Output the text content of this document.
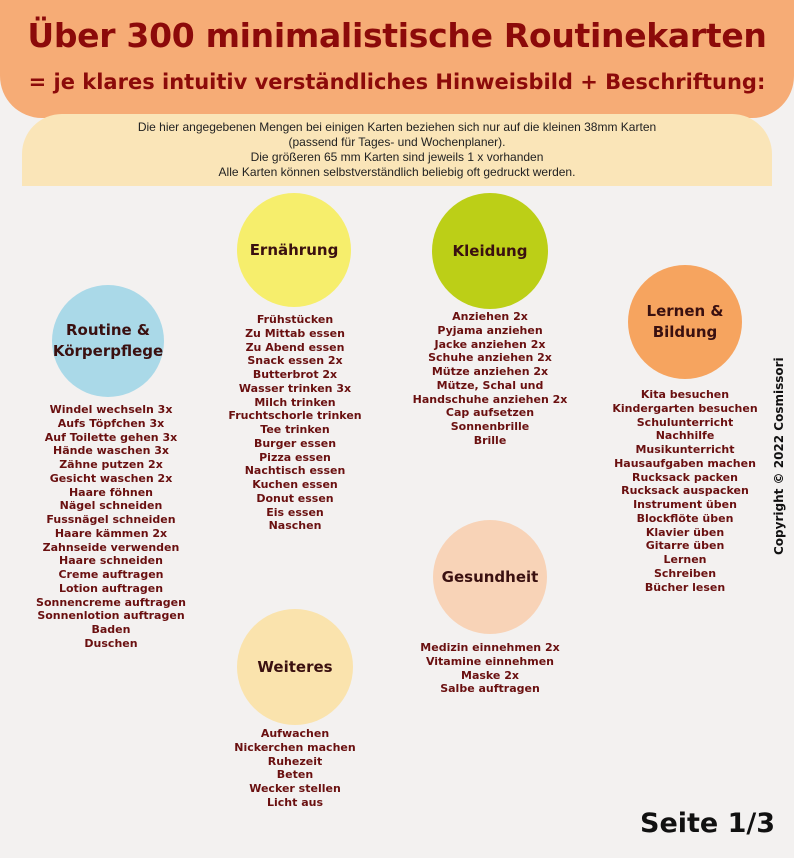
Über 300 minimalistische Routinekarten
= je klares intuitiv verständliches Hinweisbild + Beschriftung:
Die hier angegebenen Mengen bei einigen Karten beziehen sich nur auf die kleinen 38mm Karten
(passend für Tages- und Wochenplaner).
Die größeren 65 mm Karten sind jeweils 1 x vorhanden
Alle Karten können selbstverständlich beliebig oft gedruckt werden.
Routine &
Körperpflege
Windel wechseln 3x
Aufs Töpfchen 3x
Auf Toilette gehen 3x
Hände waschen 3x
Zähne putzen 2x
Gesicht waschen 2x
Haare föhnen
Nägel schneiden
Fussnägel schneiden
Haare kämmen 2x
Zahnseide verwenden
Haare schneiden
Creme auftragen
Lotion auftragen
Sonnencreme auftragen
Sonnenlotion auftragen
Baden
Duschen
Ernährung
Frühstücken
Zu Mittab essen
Zu Abend essen
Snack essen 2x
Butterbrot 2x
Wasser trinken 3x
Milch trinken
Fruchtschorle trinken
Tee trinken
Burger essen
Pizza essen
Nachtisch essen
Kuchen essen
Donut essen
Eis essen
Naschen
Kleidung
Anziehen 2x
Pyjama anziehen
Jacke anziehen 2x
Schuhe anziehen 2x
Mütze anziehen 2x
Mütze, Schal und
Handschuhe anziehen 2x
Cap aufsetzen
Sonnenbrille
Brille
Lernen &
Bildung
Kita besuchen
Kindergarten besuchen
Schulunterricht
Nachhilfe
Musikunterricht
Hausaufgaben machen
Rucksack packen
Rucksack auspacken
Instrument üben
Blockflöte üben
Klavier üben
Gitarre üben
Lernen
Schreiben
Bücher lesen
Gesundheit
Medizin einnehmen 2x
Vitamine einnehmen
Maske 2x
Salbe auftragen
Weiteres
Aufwachen
Nickerchen machen
Ruhezeit
Beten
Wecker stellen
Licht aus
Copyright © 2022 Cosmissori
Seite 1/3
